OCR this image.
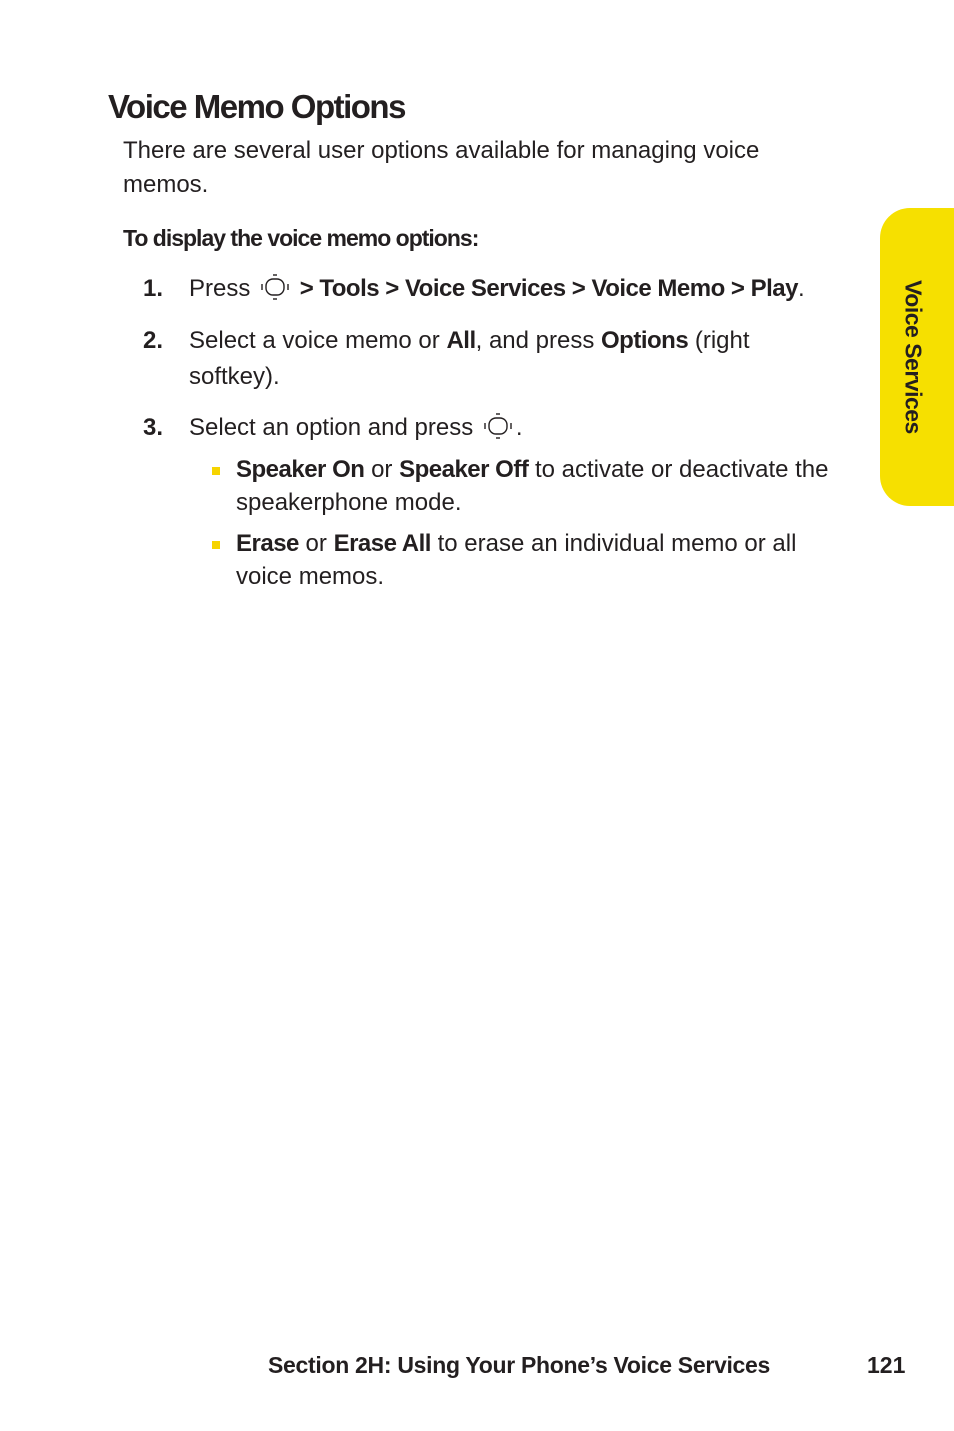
Voice Memo Options

There are several user options available for managing voice memos.

To display the voice memo options:

1. Press > Tools > Voice Services > Voice Memo > Play.
2. Select a voice memo or All, and press Options (right softkey).
3. Select an option and press .
Speaker On or Speaker Off to activate or deactivate the speakerphone mode.
Erase or Erase All to erase an individual memo or all voice memos.
Voice Services
Section 2H: Using Your Phone’s Voice Services	121
